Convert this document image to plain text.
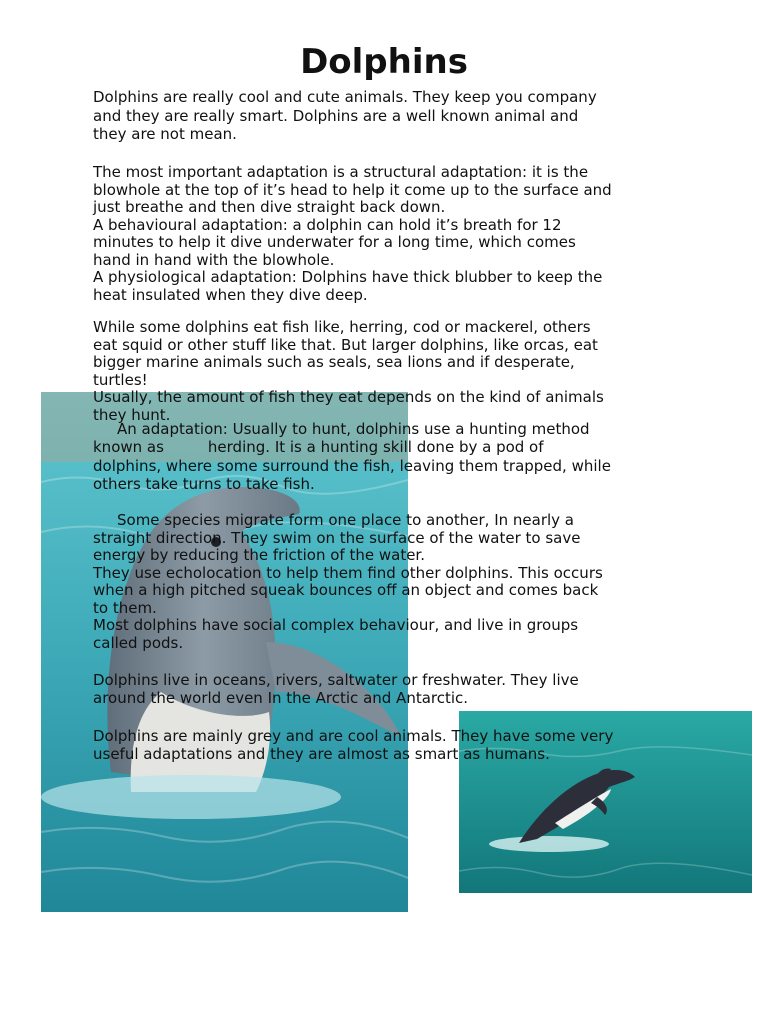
Dolphins

Dolphins are really cool and cute animals. They keep you company
and they are really smart. Dolphins are a well known animal and
they are not mean.

The most important adaptation is a structural adaptation: it is the
blowhole at the top of it’s head to help it come up to the surface and
just breathe and then dive straight back down.
A behavioural adaptation: a dolphin can hold it’s breath for 12
minutes to help it dive underwater for a long time, which comes
hand in hand with the blowhole.
A physiological adaptation: Dolphins have thick blubber to keep the
heat insulated when they dive deep.

While some dolphins eat fish like, herring, cod or mackerel, others
eat squid or other stuff like that. But larger dolphins, like orcas, eat
bigger marine animals such as seals, sea lions and if desperate,
turtles!
Usually, the amount of fish they eat depends on the kind of animals
they hunt.

An adaptation: Usually to hunt, dolphins use a hunting method
known as	herding. It is a hunting skill done by a pod of
dolphins, where some surround the fish, leaving them trapped, while
others take turns to take fish.

Some species migrate form one place to another, In nearly a
straight direction. They swim on the surface of the water to save
energy by reducing the friction of the water.
They use echolocation to help them find other dolphins. This occurs
when a high pitched squeak bounces off an object and comes back
to them.
Most dolphins have social complex behaviour, and live in groups
called pods.

Dolphins live in oceans, rivers, saltwater or freshwater. They live
around the world even In the Arctic and Antarctic.

Dolphins are mainly grey and are cool animals. They have some very
useful adaptations and they are almost as smart as humans.
